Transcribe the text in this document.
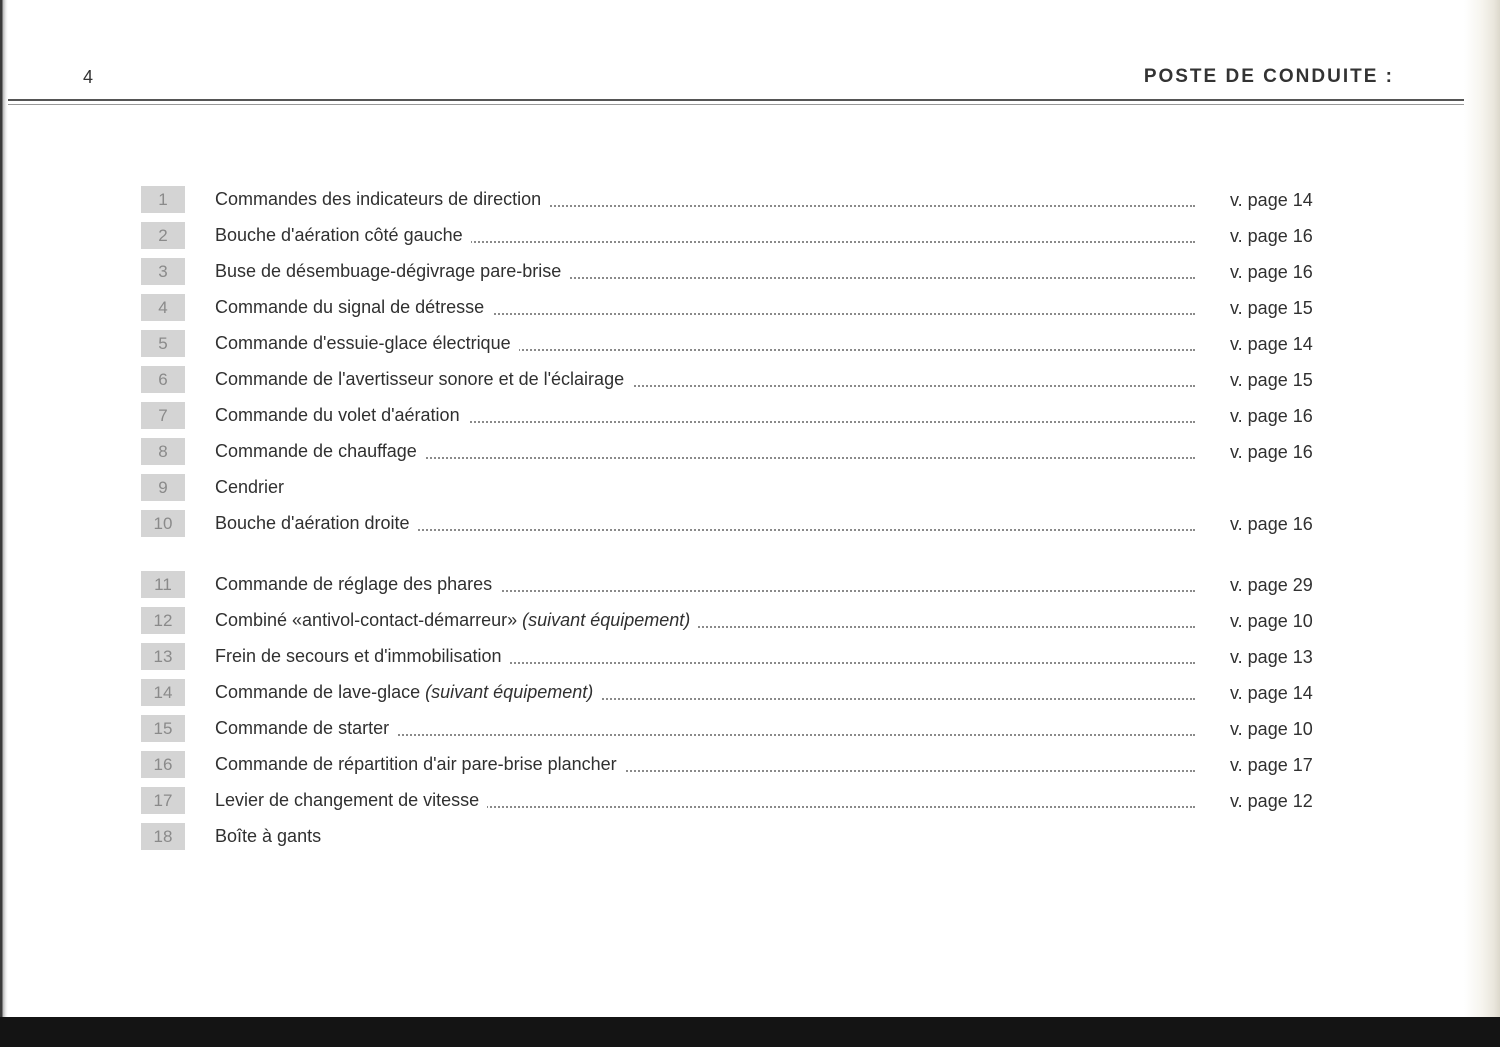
4	POSTE DE CONDUITE :
1	Commandes des indicateurs de direction	v. page 14
2	Bouche d'aération côté gauche	v. page 16
3	Buse de désembuage-dégivrage pare-brise	v. page 16
4	Commande du signal de détresse	v. page 15
5	Commande d'essuie-glace électrique	v. page 14
6	Commande de l'avertisseur sonore et de l'éclairage	v. page 15
7	Commande du volet d'aération	v. page 16
8	Commande de chauffage	v. page 16
9	Cendrier
10	Bouche d'aération droite	v. page 16
11	Commande de réglage des phares	v. page 29
12	Combiné «antivol-contact-démarreur» (suivant équipement)	v. page 10
13	Frein de secours et d'immobilisation	v. page 13
14	Commande de lave-glace (suivant équipement)	v. page 14
15	Commande de starter	v. page 10
16	Commande de répartition d'air pare-brise plancher	v. page 17
17	Levier de changement de vitesse	v. page 12
18	Boîte à gants
